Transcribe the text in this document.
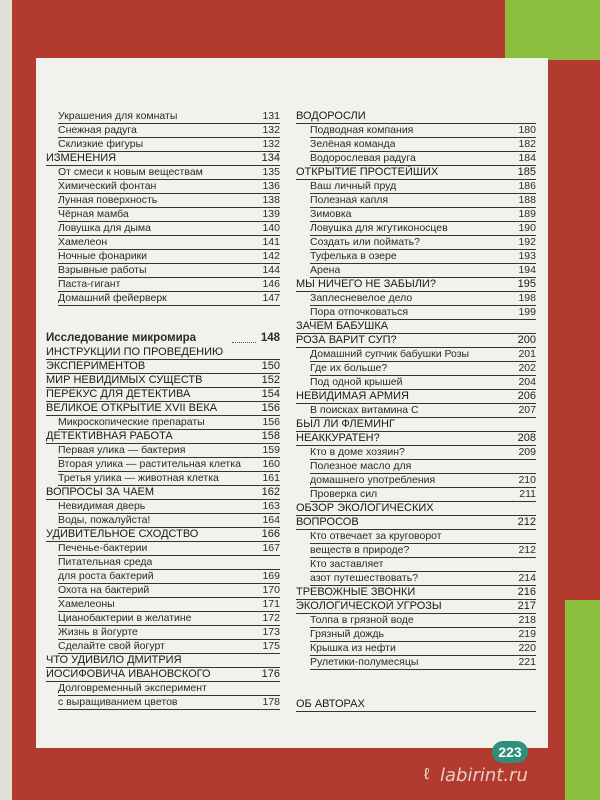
Украшения для комнаты	131
Снежная радуга	132
Склизкие фигуры	132
ИЗМЕНЕНИЯ	134
От смеси к новым веществам	135
Химический фонтан	136
Лунная поверхность	138
Чёрная мамба	139
Ловушка для дыма	140
Хамелеон	141
Ночные фонарики	142
Взрывные работы	144
Паста-гигант	146
Домашний фейерверк	147
Исследование микромира	148
ИНСТРУКЦИИ ПО ПРОВЕДЕНИЮ
ЭКСПЕРИМЕНТОВ	150
МИР НЕВИДИМЫХ СУЩЕСТВ	152
ПЕРЕКУС ДЛЯ ДЕТЕКТИВА	154
ВЕЛИКОЕ ОТКРЫТИЕ XVII ВЕКА	156
Микроскопические препараты	156
ДЕТЕКТИВНАЯ РАБОТА	158
Первая улика — бактерия	159
Вторая улика — растительная клетка 160
Третья улика — животная клетка	161
ВОПРОСЫ ЗА ЧАЕМ	162
Невидимая дверь	163
Воды, пожалуйста!	164
УДИВИТЕЛЬНОЕ СХОДСТВО	166
Печенье-бактерии	167
Питательная среда
для роста бактерий	169
Охота на бактерий	170
Хамелеоны	171
Цианобактерии в желатине	172
Жизнь в йогурте	173
Сделайте свой йогурт	175
ЧТО УДИВИЛО ДМИТРИЯ
ИОСИФОВИЧА ИВАНОВСКОГО	176
Долговременный эксперимент
с выращиванием цветов	178
ВОДОРОСЛИ
Подводная компания	180
Зелёная команда	182
Водорослевая радуга	184
ОТКРЫТИЕ ПРОСТЕЙШИХ	185
Ваш личный пруд	186
Полезная капля	188
Зимовка	189
Ловушка для жгутиконосцев	190
Создать или поймать?	192
Туфелька в озере	193
Арена	194
МЫ НИЧЕГО НЕ ЗАБЫЛИ?	195
Заплесневелое дело	198
Пора отпочковаться	199
ЗАЧЕМ БАБУШКА
РОЗА ВАРИТ СУП?	200
Домашний супчик бабушки Розы	201
Где их больше?	202
Под одной крышей	204
НЕВИДИМАЯ АРМИЯ	206
В поисках витамина С	207
БЫЛ ЛИ ФЛЕМИНГ
НЕАККУРАТЕН?	208
Кто в доме хозяин?	209
Полезное масло для
домашнего употребления	210
Проверка сил	211
ОБЗОР ЭКОЛОГИЧЕСКИХ
ВОПРОСОВ	212
Кто отвечает за круговорот
веществ в природе?	212
Кто заставляет
азот путешествовать?	214
ТРЕВОЖНЫЕ ЗВОНКИ	216
ЭКОЛОГИЧЕСКОЙ УГРОЗЫ	217
Толпа в грязной воде	218
Грязный дождь	219
Крышка из нефти	220
Рулетики-полумесяцы	221
ОБ АВТОРАХ
223
ℓ labirint.ru
